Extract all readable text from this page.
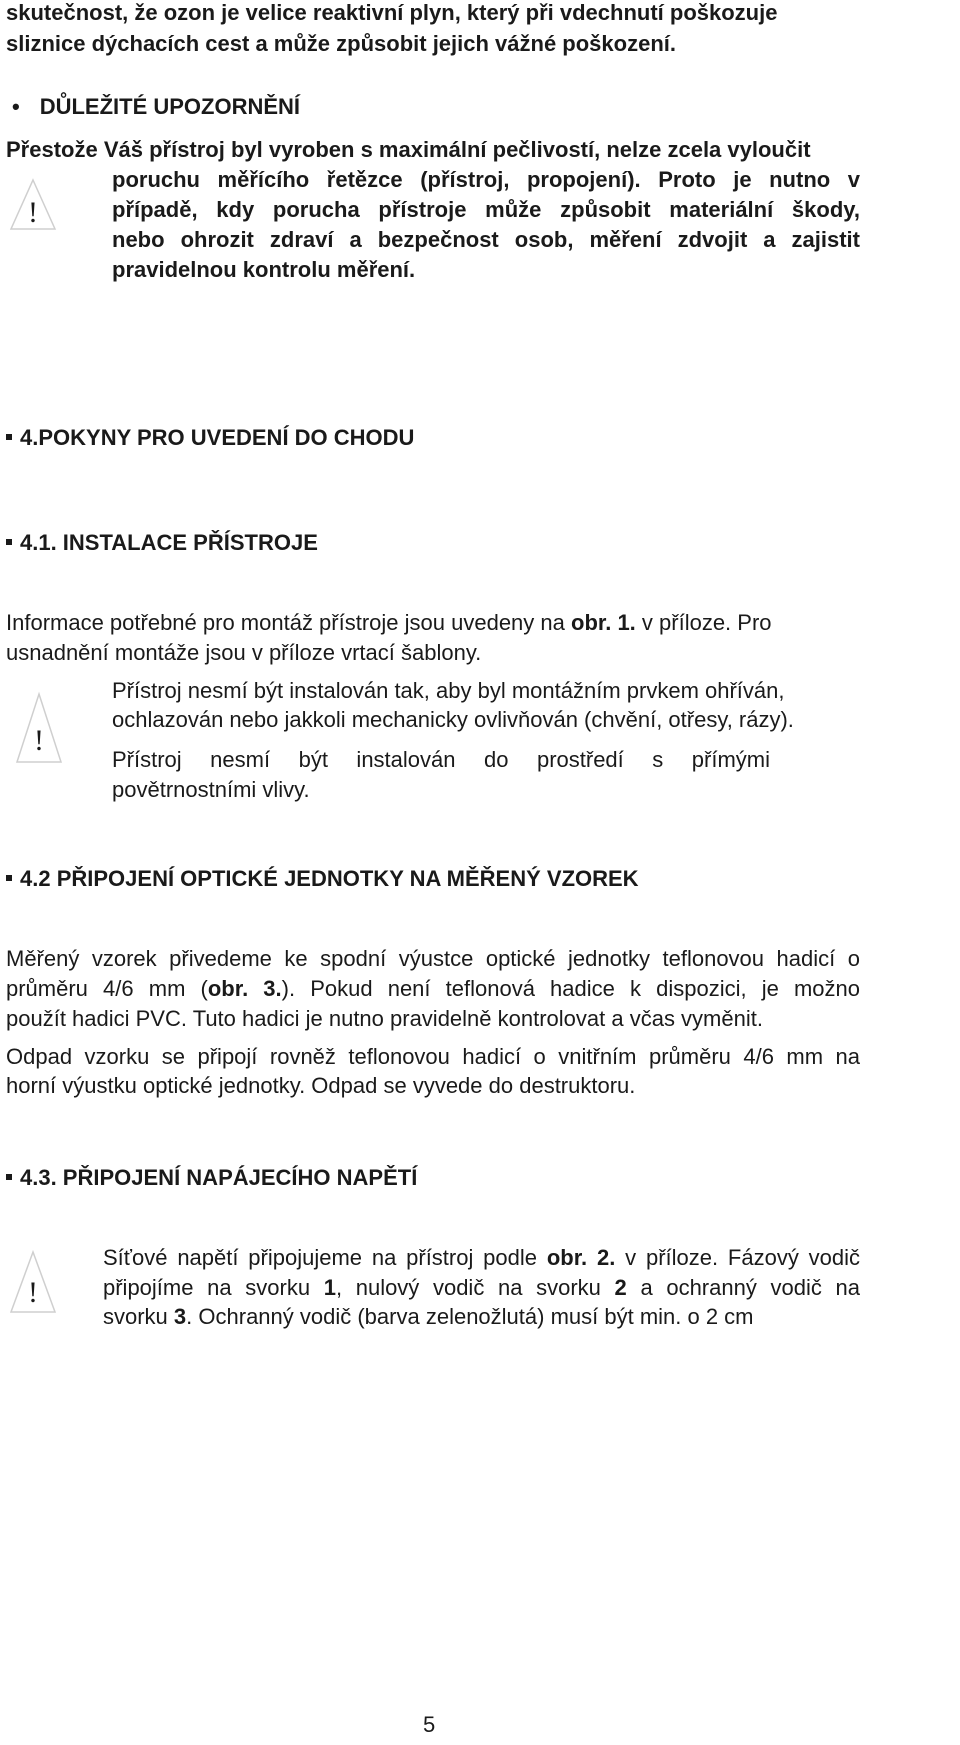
skutečnost, že ozon je velice reaktivní plyn, který při vdechnutí poškozuje
sliznice dýchacích cest a může způsobit jejich vážné poškození.
• DŮLEŽITÉ UPOZORNĚNÍ
Přestože Váš přístroj byl vyroben s maximální pečlivostí, nelze zcela vyloučit
!
poruchu měřícího řetězce (přístroj, propojení). Proto je nutno v
případě, kdy porucha přístroje může způsobit materiální škody,
nebo ohrozit zdraví a bezpečnost osob, měření zdvojit a zajistit
pravidelnou kontrolu měření.
4.POKYNY PRO UVEDENÍ DO CHODU
4.1. INSTALACE PŘÍSTROJE
Informace potřebné pro montáž přístroje jsou uvedeny na obr. 1. v příloze. Pro
usnadnění montáže jsou v příloze vrtací šablony.
!
Přístroj nesmí být instalován tak, aby byl montážním prvkem ohříván,
ochlazován nebo jakkoli mechanicky ovlivňován (chvění, otřesy, rázy).
Přístroj nesmí být instalován do prostředí s přímými
povětrnostními vlivy.
4.2 PŘIPOJENÍ OPTICKÉ JEDNOTKY NA MĚŘENÝ VZOREK
Měřený vzorek přivedeme ke spodní výustce optické jednotky teflonovou hadicí o
průměru 4/6 mm (obr. 3.). Pokud není teflonová hadice k dispozici, je možno
použít hadici PVC. Tuto hadici je nutno pravidelně kontrolovat a včas vyměnit.
Odpad vzorku se připojí rovněž teflonovou hadicí o vnitřním průměru 4/6 mm na
horní výustku optické jednotky. Odpad se vyvede do destruktoru.
4.3. PŘIPOJENÍ NAPÁJECÍHO NAPĚTÍ
!
Síťové napětí připojujeme na přístroj podle obr. 2. v příloze. Fázový vodič
připojíme na svorku 1, nulový vodič na svorku 2 a ochranný vodič na
svorku 3. Ochranný vodič (barva zelenožlutá) musí být min. o 2 cm
5
